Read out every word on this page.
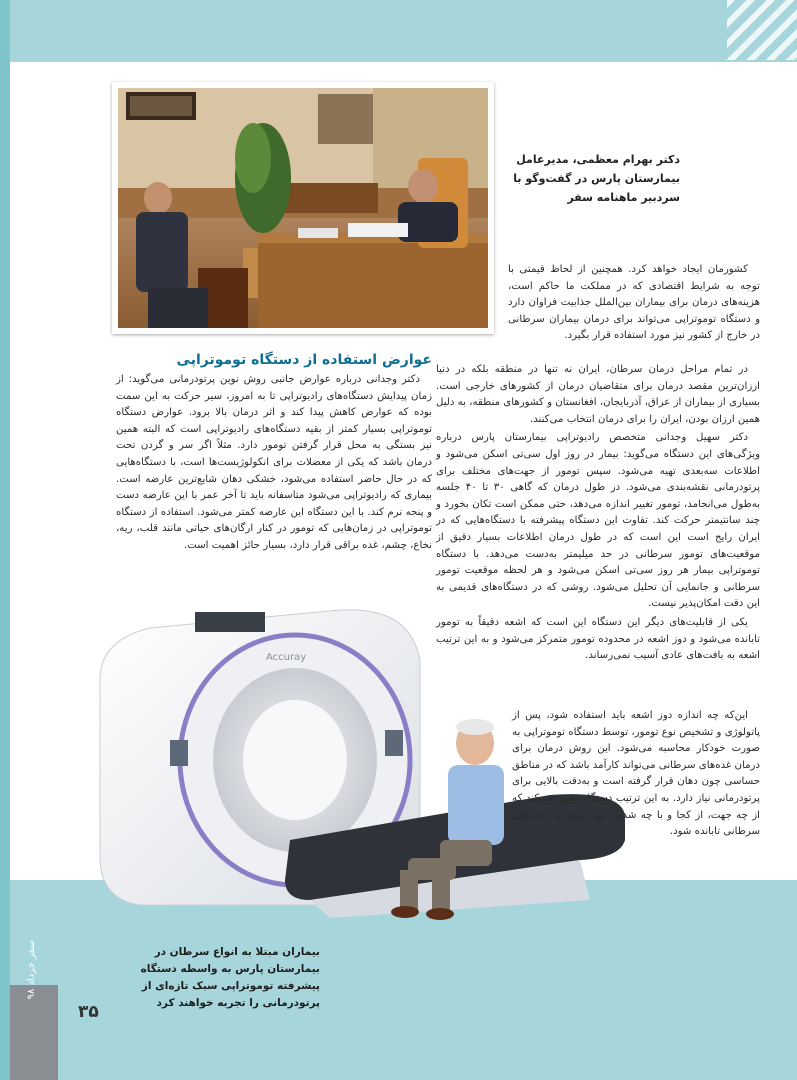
دکتر بهرام معظمی، مدیرعامل بیمارستان پارس در گفت‌وگو با سردبیر ماهنامه سفر

کشورمان ایجاد خواهد کرد. همچنین از لحاظ قیمتی با توجه به شرایط اقتصادی که در مملکت ما حاکم است، هزینه‌های درمان برای بیماران بین‌الملل جذابیت فراوان دارد و دستگاه توموتراپی می‌تواند برای درمان بیماران سرطانی در خارج از کشور نیز مورد استفاده قرار بگیرد.

در تمام مراحل درمان سرطان، ایران نه تنها در منطقه بلکه در دنیا ارزان‌ترین مقصد درمان برای متقاضیان درمان از کشورهای خارجی است. بسیاری از بیماران از عراق، آذربایجان، افغانستان و کشورهای منطقه، به دلیل همین ارزان بودن، ایران را برای درمان انتخاب می‌کنند.

دکتر سهیل وجدانی متخصص رادیوتراپی بیمارستان پارس درباره ویژگی‌های این دستگاه می‌گوید: بیمار در روز اول سی‌تی اسکن می‌شود و اطلاعات سه‌بعدی تهیه می‌شود. سپس تومور از جهت‌های مختلف برای پرتودرمانی نقشه‌بندی می‌شود. در طول درمان که گاهی ۳۰ تا ۴۰ جلسه به‌طول می‌انجامد، تومور تغییر اندازه می‌دهد، حتی ممکن است تکان بخورد و چند سانتیمتر حرکت کند. تفاوت این دستگاه پیشرفته با دستگاه‌هایی که در ایران رایج است این است که در طول درمان اطلاعات بسیار دقیق از موقعیت‌های تومور سرطانی در حد میلیمتر به‌دست می‌دهد. با دستگاه توموتراپی بیمار هر روز سی‌تی اسکن می‌شود و هر لحظه موقعیت تومور سرطانی و جانمایی آن تحلیل می‌شود. روشی که در دستگاه‌های قدیمی به این دقت امکان‌پذیر نیست.

یکی از قابلیت‌های دیگر این دستگاه این است که اشعه دقیقاً به تومور تابانده می‌شود و دوز اشعه در محدوده تومور متمرکز می‌شود و به این ترتیب اشعه به بافت‌های عادی آسیب نمی‌رساند.

عوارض استفاده از دستگاه توموتراپی

دکتر وجدانی درباره عوارض جانبی روش نوین پرتودرمانی می‌گوید: از زمان پیدایش دستگاه‌های رادیوتراپی تا به امروز، سیر حرکت به این سمت بوده که عوارض کاهش پیدا کند و اثر درمان بالا برود. عوارض دستگاه توموتراپی بسیار کمتر از بقیه دستگاه‌های رادیوتراپی است که البته همین نیز بستگی به محل قرار گرفتن تومور دارد. مثلاً اگر سر و گردن تحت درمان باشد که یکی از معضلات برای انکولوژیست‌ها است، با دستگاه‌هایی که در حال حاضر استفاده می‌شود، خشکی دهان شایع‌ترین عارضه است. بیماری که رادیوتراپی می‌شود متاسفانه باید تا آخر عمر با این عارضه دست و پنجه نرم کند. با این دستگاه این عارضه کمتر می‌شود. استفاده از دستگاه توموتراپی در زمان‌هایی که تومور در کنار ارگان‌های حیاتی مانند قلب، ریه، نخاع، چشم، غده براقی قرار دارد، بسیار حائز اهمیت است.

Accuray

این‌که چه اندازه دوز اشعه باید استفاده شود، پس از پاتولوژی و تشخیص نوع تومور، توسط دستگاه توموتراپی به صورت خودکار محاسبه می‌شود. این روش درمان برای درمان غده‌های سرطانی می‌تواند کارآمد باشد که در مناطق حساسی چون دهان قرار گرفته است و به‌دقت بالایی برای پرتودرمانی نیاز دارد. به این ترتیب دستگاه تعیین می‌کند که از چه جهت، از کجا و با چه شدتی دوز اشعه به بافت‌های سرطانی تابانده شود.

بیماران مبتلا به انواع سرطان در بیمارستان پارس به واسطه دستگاه پیشرفته توموتراپی سبک تازه‌ای از پرتودرمانی را تجربه خواهند کرد
۳۵
سفر خرداد ۹۸
